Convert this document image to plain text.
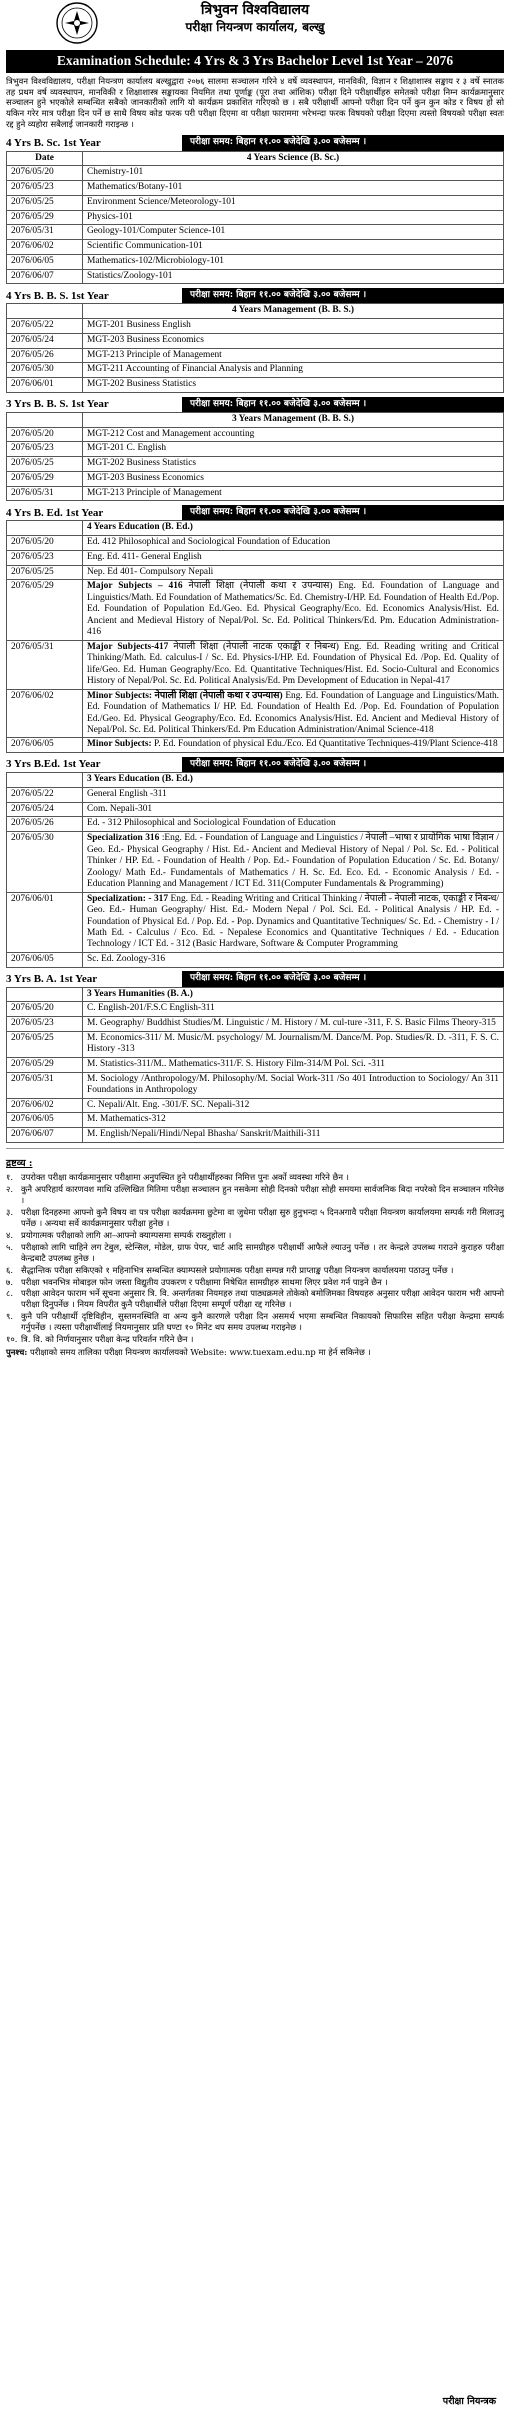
त्रिभुवन विश्वविद्यालय
परीक्षा नियन्त्रण कार्यालय, बल्खु
Examination Schedule: 4 Yrs & 3 Yrs Bachelor Level 1st Year – 2076

त्रिभुवन विश्वविद्यालय, परीक्षा नियन्त्रण कार्यालय बल्खुद्वारा २०७६ सालमा सञ्चालन गरिने ४ वर्षे व्यवस्थापन, मानविकी, विज्ञान र शिक्षाशास्त्र सङ्काय र ३ वर्षे स्नातक तह प्रथम वर्ष व्यवस्थापन, मानविकी र शिक्षाशास्त्र सङ्कायका नियमित तथा पूर्णाङ्क (पूरा तथा आंशिक) परीक्षा दिने परीक्षार्थीहरु समेतको परीक्षा निम्न कार्यक्रमानुसार सञ्चालन हुने भएकोले सम्बन्धित सबैको जानकारीको लागि यो कार्यक्रम प्रकाशित गरिएको छ । सबै परीक्षार्थी आफ्नो परीक्षा दिन पर्ने कुन कुन कोड र विषय हो सो यकिन गरेर मात्र परीक्षा दिन पर्ने छ साथै विषय कोड फरक परी परीक्षा दिएमा वा परीक्षा फाराममा भरेभन्दा फरक विषयको परीक्षा दिएमा त्यस्तो विषयको परीक्षा स्वतः रद्द हुने व्यहोरा सबैलाई जानकारी गराइन्छ ।

4 Yrs B. Sc. 1st Year	परीक्षा समय: बिहान ११.०० बजेदेखि ३.०० बजेसम्म ।
Date	4 Years Science (B. Sc.)
2076/05/20	Chemistry-101
2076/05/23	Mathematics/Botany-101
2076/05/25	Environment Science/Meteorology-101
2076/05/29	Physics-101
2076/05/31	Geology-101/Computer Science-101
2076/06/02	Scientific Communication-101
2076/06/05	Mathematics-102/Microbiology-101
2076/06/07	Statistics/Zoology-101
4 Yrs B. B. S. 1st Year	परीक्षा समय: बिहान ११.०० बजेदेखि ३.०० बजेसम्म ।
	4 Years Management (B. B. S.)
2076/05/22	MGT-201 Business English
2076/05/24	MGT-203 Business Economics
2076/05/26	MGT-213 Principle of Management
2076/05/30	MGT-211 Accounting of Financial Analysis and Planning
2076/06/01	MGT-202 Business Statistics
3 Yrs B. B. S. 1st Year	परीक्षा समय: बिहान ११.०० बजेदेखि ३.०० बजेसम्म ।
	3 Years Management (B. B. S.)
2076/05/20	MGT-212 Cost and Management accounting
2076/05/23	MGT-201 C. English
2076/05/25	MGT-202 Business Statistics
2076/05/29	MGT-203 Business Economics
2076/05/31	MGT-213 Principle of Management
4 Yrs B. Ed. 1st Year	परीक्षा समय: बिहान ११.०० बजेदेखि ३.०० बजेसम्म ।
	4 Years Education (B. Ed.)
2076/05/20	Ed. 412 Philosophical and Sociological Foundation of Education
2076/05/23	Eng. Ed. 411- General English
2076/05/25	Nep. Ed 401- Compulsory Nepali
2076/05/29	Major Subjects – 416 नेपाली शिक्षा (नेपाली कथा र उपन्यास) Eng. Ed. Foundation of Language and Linguistics/Math. Ed Foundation of Mathematics/Sc. Ed. Chemistry-I/HP. Ed. Foundation of Health Ed./Pop. Ed. Foundation of Population Ed./Geo. Ed. Physical Geography/Eco. Ed. Economics Analysis/Hist. Ed. Ancient and Medieval History of Nepal/Pol. Sc. Ed. Political Thinkers/Ed. Pm. Education Administration-416
2076/05/31	Major Subjects-417 नेपाली शिक्षा (नेपाली नाटक एकाङ्की र निबन्ध) Eng. Ed. Reading writing and Critical Thinking/Math. Ed. calculus-I / Sc. Ed. Physics-I/HP. Ed. Foundation of Physical Ed. /Pop. Ed. Quality of life/Geo. Ed. Human Geography/Eco. Ed. Quantitative Techniques/Hist. Ed. Socio-Cultural and Economics History of Nepal/Pol. Sc. Ed. Political Analysis/Ed. Pm Development of Education in Nepal-417
2076/06/02	Minor Subjects: नेपाली शिक्षा (नेपाली कथा र उपन्यास) Eng. Ed. Foundation of Language and Linguistics/Math. Ed. Foundation of Mathematics I/ HP. Ed. Foundation of Health Ed. /Pop. Ed. Foundation of Population Ed./Geo. Ed. Physical Geography/Eco. Ed. Economics Analysis/Hist. Ed. Ancient and Medieval History of Nepal/Pol. Sc. Ed. Political Thinkers/Ed. Pm Education Administration/Animal Science-418
2076/06/05	Minor Subjects: P. Ed. Foundation of physical Edu./Eco. Ed Quantitative Techniques-419/Plant Science-418
3 Yrs B.Ed. 1st Year	परीक्षा समय: बिहान ११.०० बजेदेखि ३.०० बजेसम्म ।
	3 Years Education (B. Ed.)
2076/05/22	General English -311
2076/05/24	Com. Nepali-301
2076/05/26	Ed. - 312 Philosophical and Sociological Foundation of Education
2076/05/30	Specialization 316 :Eng. Ed. - Foundation of Language and Linguistics / नेपाली –भाषा र प्रायोगिक भाषा विज्ञान / Geo. Ed.- Physical Geography / Hist. Ed.- Ancient and Medieval History of Nepal / Pol. Sc. Ed. - Political Thinker / HP. Ed. - Foundation of Health / Pop. Ed.- Foundation of Population Education / Sc. Ed. Botany/ Zoology/ Math Ed.- Fundamentals of Mathematics / H. Sc. Ed. Eco. Ed. - Economic Analysis / Ed. - Education Planning and Management / ICT Ed. 311(Computer Fundamentals & Programming)
2076/06/01	Specialization: - 317 Eng. Ed. - Reading Writing and Critical Thinking / नेपाली - नेपाली नाटक, एकाङ्की र निबन्ध/ Geo. Ed.- Human Geography/ Hist. Ed.- Modern Nepal / Pol. Sci. Ed. - Political Analysis / HP. Ed. - Foundation of Physical Ed. / Pop. Ed. - Pop. Dynamics and Quantitative Techniques/ Sc. Ed. - Chemistry - I / Math Ed. - Calculus / Eco. Ed. - Nepalese Economics and Quantitative Techniques / Ed. - Education Technology / ICT Ed. - 312 (Basic Hardware, Software & Computer Programming
2076/06/05	Sc. Ed. Zoology-316
3 Yrs B. A. 1st Year	परीक्षा समय: बिहान ११.०० बजेदेखि ३.०० बजेसम्म ।
	3 Years Humanities (B. A.)
2076/05/20	C. English-201/F.S.C English-311
2076/05/23	M. Geography/ Buddhist Studies/M. Linguistic / M. History / M. cul-ture -311, F. S. Basic Films Theory-315
2076/05/25	M. Economics-311/ M. Music/M. psychology/ M. Journalism/M. Dance/M. Pop. Studies/R. D. -311, F. S. C. History -313
2076/05/29	M. Statistics-311/M.. Mathematics-311/F. S. History Film-314/M Pol. Sci. -311
2076/05/31	M. Sociology /Anthropology/M. Philosophy/M. Social Work-311 /So 401 Introduction to Sociology/ An 311 Foundations in Anthropology
2076/06/02	C. Nepali/Alt. Eng. -301/F. SC. Nepali-312
2076/06/05	M. Mathematics-312
2076/06/07	M. English/Nepali/Hindi/Nepal Bhasha/ Sanskrit/Maithili-311
द्रष्टव्य :
१. उपरोक्त परीक्षा कार्यक्रमानुसार परीक्षामा अनुपस्थित हुने परीक्षार्थीहरुका निमित्त पुनः अर्को व्यवस्था गरिने छैन ।
२. कुनै अपरिहार्य कारणवश माथि उल्लिखित मितिमा परीक्षा सञ्चालन हुन नसकेमा सोही दिनको परीक्षा सोही समयमा सार्वजनिक बिदा नपरेको दिन सञ्चालन गरिनेछ ।
३. परीक्षा दिनहरुमा आफ्नो कुनै विषय वा पत्र परीक्षा कार्यक्रममा छुटेमा वा जुधेमा परीक्षा सुरु हुनुभन्दा ५ दिनअगावै परीक्षा नियन्त्रण कार्यालयमा सम्पर्क गरी मिलाउनु पर्नेछ । अन्यथा सर्वे कार्यक्रमानुसार परीक्षा हुनेछ ।
४. प्रयोगात्मक परीक्षाको लागि आ–आफ्नो क्याम्पसमा सम्पर्क राख्नुहोला ।
५. परीक्षाको लागि चाहिने लग टेबुल, स्टेन्सिल, मोडेल, ग्राफ पेपर, चार्ट आदि सामग्रीहरु परीक्षार्थी आफैले ल्याउनु पर्नेछ । तर केन्द्रले उपलब्ध गराउने कुराहरु परीक्षा केन्द्रबाटै उपलब्ध हुनेछ ।
६. सैद्धान्तिक परीक्षा सकिएको १ महिनाभित्र सम्बन्धित क्याम्पसले प्रयोगात्मक परीक्षा सम्पन्न गरी प्राप्ताङ्क परीक्षा नियन्त्रण कार्यालयमा पठाउनु पर्नेछ ।
७. परीक्षा भवनभित्र मोबाइल फोन जस्ता विद्युतीय उपकरण र परीक्षामा निषेधित सामग्रीहरु साथमा लिएर प्रवेश गर्न पाइने छैन ।
८. परीक्षा आवेदन फाराम भर्ने सूचना अनुसार त्रि. वि. अन्तर्गतका नियमहरु तथा पाठ्यक्रमले तोकेको बमोजिमका विषयहरु अनुसार परीक्षा आवेदन फाराम भरी आफ्नो परीक्षा दिनुपर्नेछ । नियम विपरीत कुनै परीक्षार्थीले परीक्षा दिएमा सम्पूर्ण परीक्षा रद्द गरिनेछ ।
९. कुनै पनि परीक्षार्थी दृष्टिविहीन, सुस्तमनस्थिति वा अन्य कुनै कारणले परीक्षा दिन असमर्थ भएमा सम्बन्धित निकायको सिफारिस सहित परीक्षा केन्द्रमा सम्पर्क गर्नुपर्नेछ । त्यस्ता परीक्षार्थीलाई नियमानुसार प्रति घण्टा १० मिनेट थप समय उपलब्ध गराइनेछ ।
१०. त्रि. वि. को निर्णयानुसार परीक्षा केन्द्र परिवर्तन गरिने छैन ।
पुनश्च: परीक्षाको समय तालिका परीक्षा नियन्त्रण कार्यालयको Website: www.tuexam.edu.np मा हेर्न सकिनेछ ।
परीक्षा नियन्त्रक
